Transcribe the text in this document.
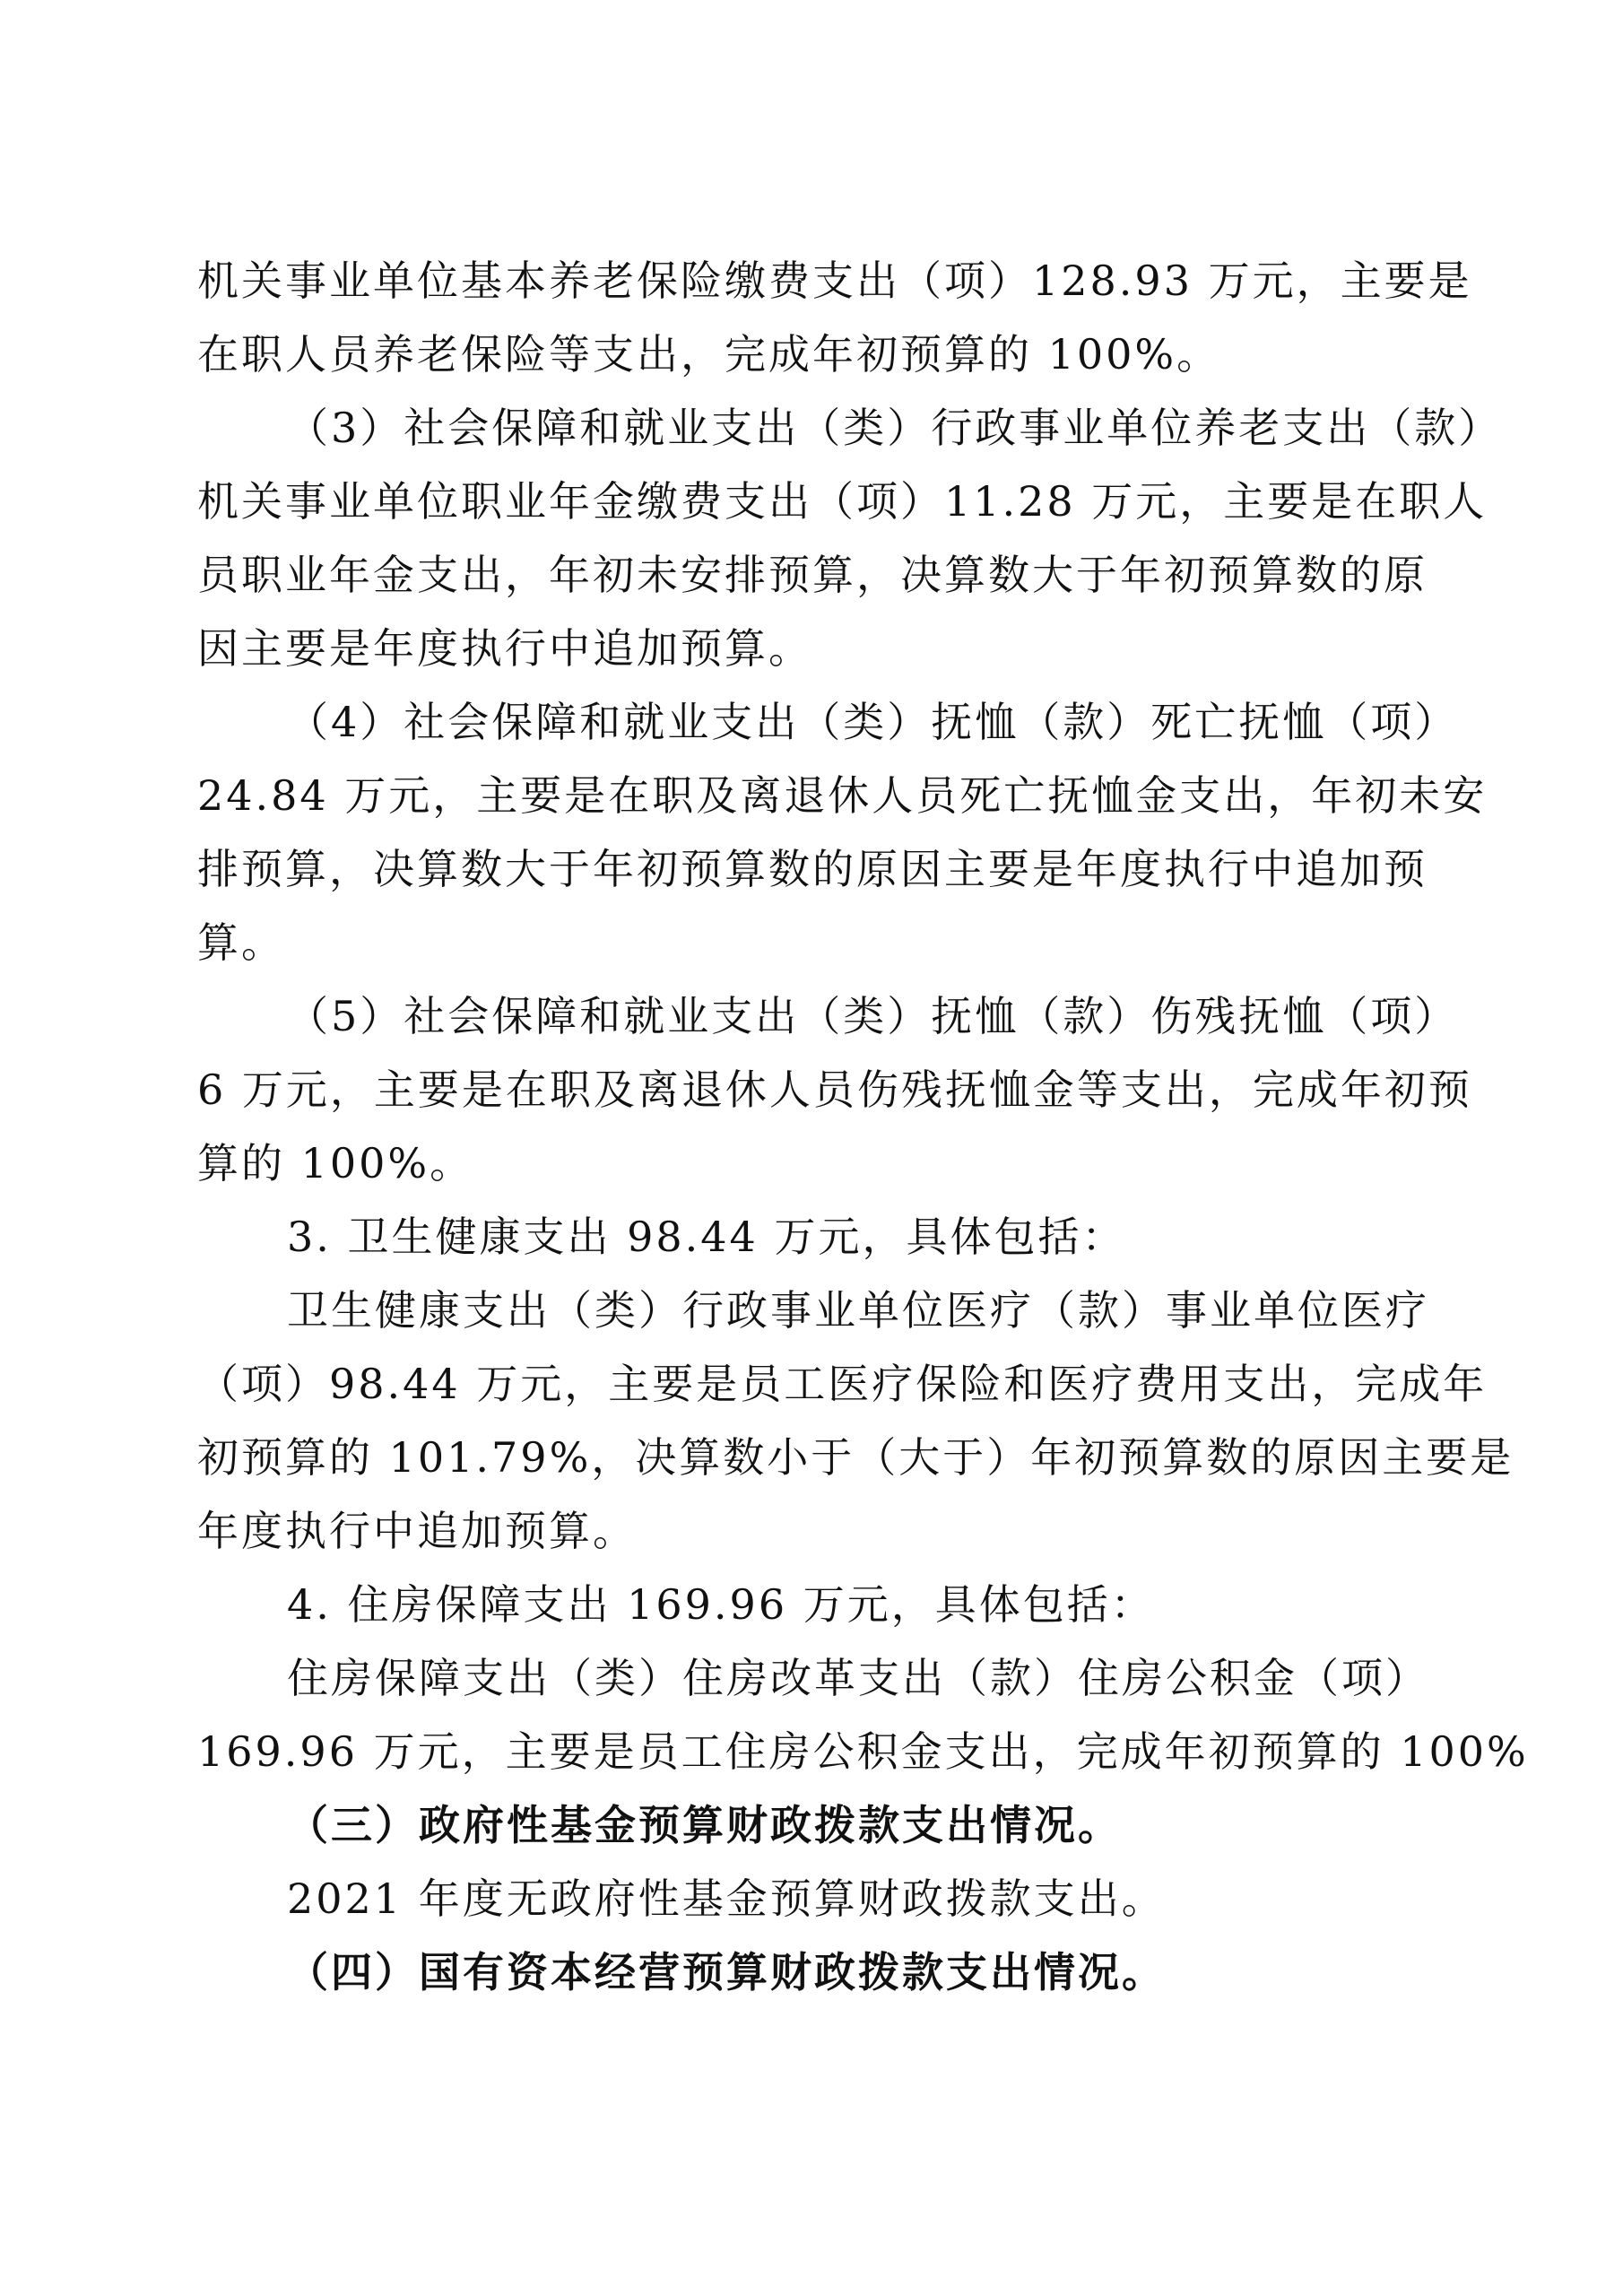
机关事业单位基本养老保险缴费支出（项）128.93 万元，主要是
在职人员养老保险等支出，完成年初预算的 100%。
（3）社会保障和就业支出（类）行政事业单位养老支出（款）
机关事业单位职业年金缴费支出（项）11.28 万元，主要是在职人
员职业年金支出，年初未安排预算，决算数大于年初预算数的原
因主要是年度执行中追加预算。
（4）社会保障和就业支出（类）抚恤（款）死亡抚恤（项）
24.84 万元，主要是在职及离退休人员死亡抚恤金支出，年初未安
排预算，决算数大于年初预算数的原因主要是年度执行中追加预
算。
（5）社会保障和就业支出（类）抚恤（款）伤残抚恤（项）
6 万元，主要是在职及离退休人员伤残抚恤金等支出，完成年初预
算的 100%。
3. 卫生健康支出 98.44 万元，具体包括：
卫生健康支出（类）行政事业单位医疗（款）事业单位医疗
（项）98.44 万元，主要是员工医疗保险和医疗费用支出，完成年
初预算的 101.79%，决算数小于（大于）年初预算数的原因主要是
年度执行中追加预算。
4. 住房保障支出 169.96 万元，具体包括：
住房保障支出（类）住房改革支出（款）住房公积金（项）
169.96 万元，主要是员工住房公积金支出，完成年初预算的 100%
（三）政府性基金预算财政拨款支出情况。
2021 年度无政府性基金预算财政拨款支出。
（四）国有资本经营预算财政拨款支出情况。
